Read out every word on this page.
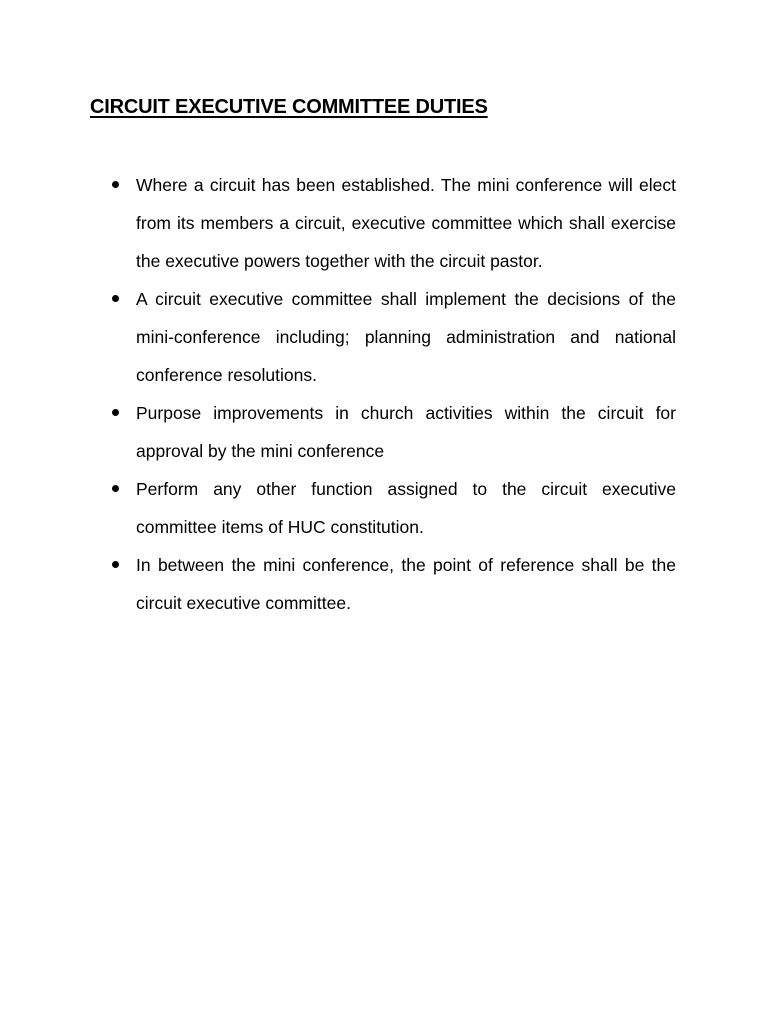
CIRCUIT EXECUTIVE COMMITTEE DUTIES
Where a circuit has been established. The mini conference will elect from its members a circuit, executive committee which shall exercise the executive powers together with the circuit pastor.
A circuit executive committee shall implement the decisions of the mini-conference including; planning administration and national conference resolutions.
Purpose improvements in church activities within the circuit for approval by the mini conference
Perform any other function assigned to the circuit executive committee items of HUC constitution.
In between the mini conference, the point of reference shall be the circuit executive committee.
